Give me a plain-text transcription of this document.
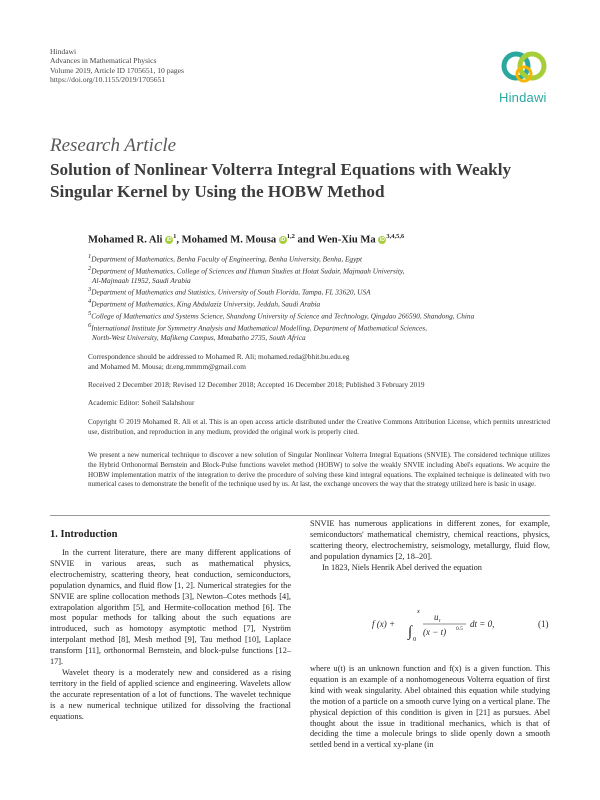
Hindawi
Advances in Mathematical Physics
Volume 2019, Article ID 1705651, 10 pages
https://doi.org/10.1155/2019/1705651
Hindawi
Research Article
Solution of Nonlinear Volterra Integral Equations with Weakly Singular Kernel by Using the HOBW Method
Mohamed R. Ali $iD^1$, Mohamed M. Mousa iD$^{1,2}$ and Wen-Xiu Ma iD$^{3,4,5,6}$
$^1$Department of Mathematics, Benha Faculty of Engineering, Benha University, Benha, Egypt
$^2$Department of Mathematics, College of Sciences and Human Studies at Hotat Sudair, Majmaah University,
Al-Majmaah 11952, Saudi Arabia
$^3$Department of Mathematics and Statistics, University of South Florida, Tampa, FL 33620, USA
$^4$Department of Mathematics, King Abdulaziz University, Jeddah, Saudi Arabia
$^5$College of Mathematics and Systems Science, Shandong University of Science and Technology, Qingdao 266590, Shandong, China
$^6$International Institute for Symmetry Analysis and Mathematical Modelling, Department of Mathematical Sciences,
North-West University, Mafikeng Campus, Mmabatho 2735, South Africa
Correspondence should be addressed to Mohamed R. Ali; mohamed.reda@bhit.bu.edu.eg
and Mohamed M. Mousa; dr.eng.mmmm@gmail.com
Received 2 December 2018; Revised 12 December 2018; Accepted 16 December 2018; Published 3 February 2019
Academic Editor: Soheil Salahshour
Copyright © 2019 Mohamed R. Ali et al. This is an open access article distributed under the Creative Commons Attribution License, which permits unrestricted use, distribution, and reproduction in any medium, provided the original work is properly cited.
We present a new numerical technique to discover a new solution of Singular Nonlinear Volterra Integral Equations (SNVIE). The considered technique utilizes the Hybrid Orthonormal Bernstein and Block-Pulse functions wavelet method (HOBW) to solve the weakly SNVIE including Abel's equations. We acquire the HOBW implementation matrix of the integration to derive the procedure of solving these kind integral equations. The explained technique is delineated with two numerical cases to demonstrate the benefit of the technique used by us. At last, the exchange uncovers the way that the strategy utilized here is basic in usage.
1. Introduction

In the current literature, there are many different applications of SNVIE in various areas, such as mathematical physics, electrochemistry, scattering theory, heat conduction, semiconductors, population dynamics, and fluid flow [1, 2]. Numerical strategies for the SNVIE are spline collocation methods [3], Newton–Cotes methods [4], extrapolation algorithm [5], and Hermite-collocation method [6]. The most popular methods for talking about the such equations are introduced, such as homotopy asymptotic method [7], Nyström interpolant method [8], Mesh method [9], Tau method [10], Laplace transform [11], orthonormal Bernstein, and block-pulse functions [12–17].

Wavelet theory is a moderately new and considered as a rising territory in the field of applied science and engineering. Wavelets allow the accurate representation of a lot of functions. The wavelet technique is a new numerical technique utilized for dissolving the fractional equations.

SNVIE has numerous applications in different zones, for example, semiconductors' mathematical chemistry, chemical reactions, physics, scattering theory, electrochemistry, seismology, metallurgy, fluid flow, and population dynamics [2, 18–20].

In 1823, Niels Henrik Abel derived the equation

f (x) + ∫
x
0
u t
(x − t) 0.5 dt = 0,	(1)

where u(t) is an unknown function and f(x) is a given function. This equation is an example of a nonhomogeneous Volterra equation of first kind with weak singularity. Abel obtained this equation while studying the motion of a particle on a smooth curve lying on a vertical plane. The physical depiction of this condition is given in [21] as pursues. Abel thought about the issue in traditional mechanics, which is that of deciding the time a molecule brings to slide openly down a smooth settled bend in a vertical xy-plane (in
